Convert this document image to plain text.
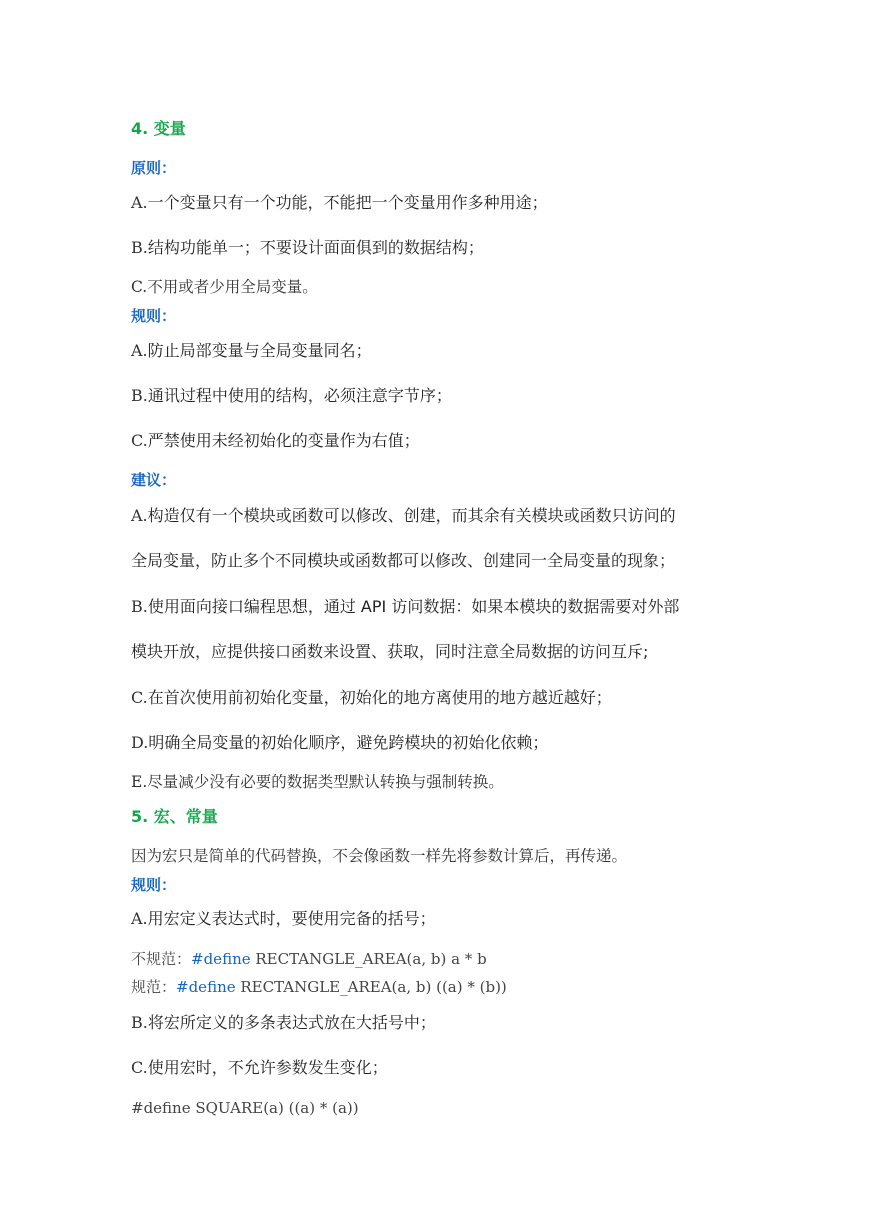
4. 变量
原则：
A.一个变量只有一个功能，不能把一个变量用作多种用途；
B.结构功能单一；不要设计面面俱到的数据结构；
C.不用或者少用全局变量。
规则：
A.防止局部变量与全局变量同名；
B.通讯过程中使用的结构，必须注意字节序；
C.严禁使用未经初始化的变量作为右值；
建议：
A.构造仅有一个模块或函数可以修改、创建，而其余有关模块或函数只访问的
全局变量，防止多个不同模块或函数都可以修改、创建同一全局变量的现象；
B.使用面向接口编程思想，通过 API 访问数据：如果本模块的数据需要对外部
模块开放，应提供接口函数来设置、获取，同时注意全局数据的访问互斥;
C.在首次使用前初始化变量，初始化的地方离使用的地方越近越好；
D.明确全局变量的初始化顺序，避免跨模块的初始化依赖；
E.尽量减少没有必要的数据类型默认转换与强制转换。
5. 宏、常量
因为宏只是简单的代码替换，不会像函数一样先将参数计算后，再传递。
规则：
A.用宏定义表达式时，要使用完备的括号；
不规范：#define RECTANGLE_AREA(a, b) a * b
规范：#define RECTANGLE_AREA(a, b) ((a) * (b))
B.将宏所定义的多条表达式放在大括号中；
C.使用宏时，不允许参数发生变化；
#define SQUARE(a) ((a) * (a))
